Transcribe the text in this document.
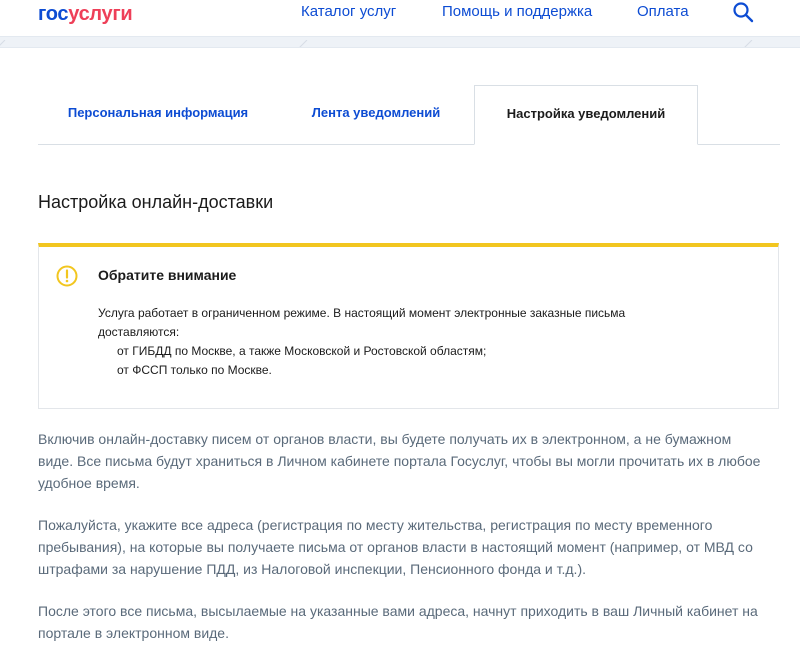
госуслуги	Каталог услуг	Помощь и поддержка	Оплата
Персональная информация	Лента уведомлений	Настройка уведомлений
Настройка онлайн-доставки
Обратите внимание
Услуга работает в ограниченном режиме. В настоящий момент электронные заказные письма
доставляются:
от ГИБДД по Москве, а также Московской и Ростовской областям;
от ФССП только по Москве.
Включив онлайн-доставку писем от органов власти, вы будете получать их в электронном, а не бумажном виде. Все письма будут храниться в Личном кабинете портала Госуслуг, чтобы вы могли прочитать их в любое удобное время.
Пожалуйста, укажите все адреса (регистрация по месту жительства, регистрация по месту временного пребывания), на которые вы получаете письма от органов власти в настоящий момент (например, от МВД со штрафами за нарушение ПДД, из Налоговой инспекции, Пенсионного фонда и т.д.).
После этого все письма, высылаемые на указанные вами адреса, начнут приходить в ваш Личный кабинет на портале в электронном виде.
